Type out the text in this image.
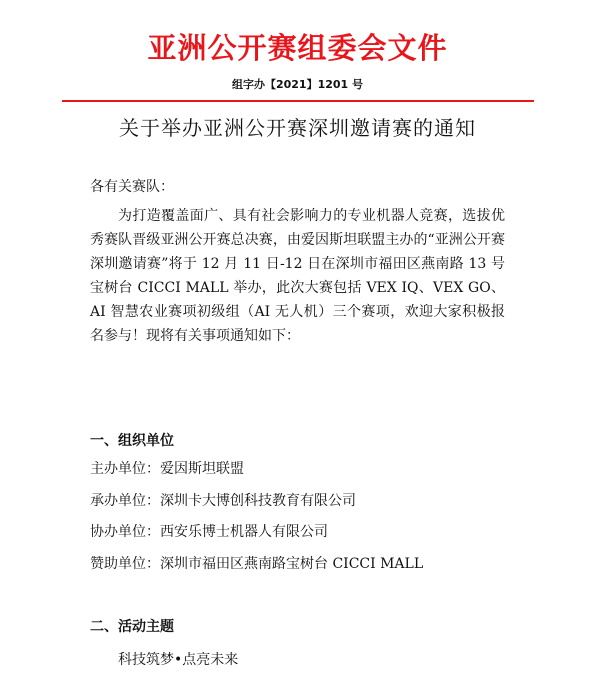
亚洲公开赛组委会文件
组字办【2021】1201 号
关于举办亚洲公开赛深圳邀请赛的通知
各有关赛队：
为打造覆盖面广、具有社会影响力的专业机器人竞赛，选拔优秀赛队晋级亚洲公开赛总决赛，由爱因斯坦联盟主办的“亚洲公开赛深圳邀请赛”将于 12 月 11 日-12 日在深圳市福田区燕南路 13 号宝树台 CICCI MALL 举办，此次大赛包括 VEX IQ、VEX GO、AI 智慧农业赛项初级组（AI 无人机）三个赛项，欢迎大家积极报名参与！现将有关事项通知如下：
一、组织单位
主办单位：爱因斯坦联盟
承办单位：深圳卡大博创科技教育有限公司
协办单位：西安乐博士机器人有限公司
赞助单位：深圳市福田区燕南路宝树台 CICCI MALL
二、活动主题
科技筑梦•点亮未来
